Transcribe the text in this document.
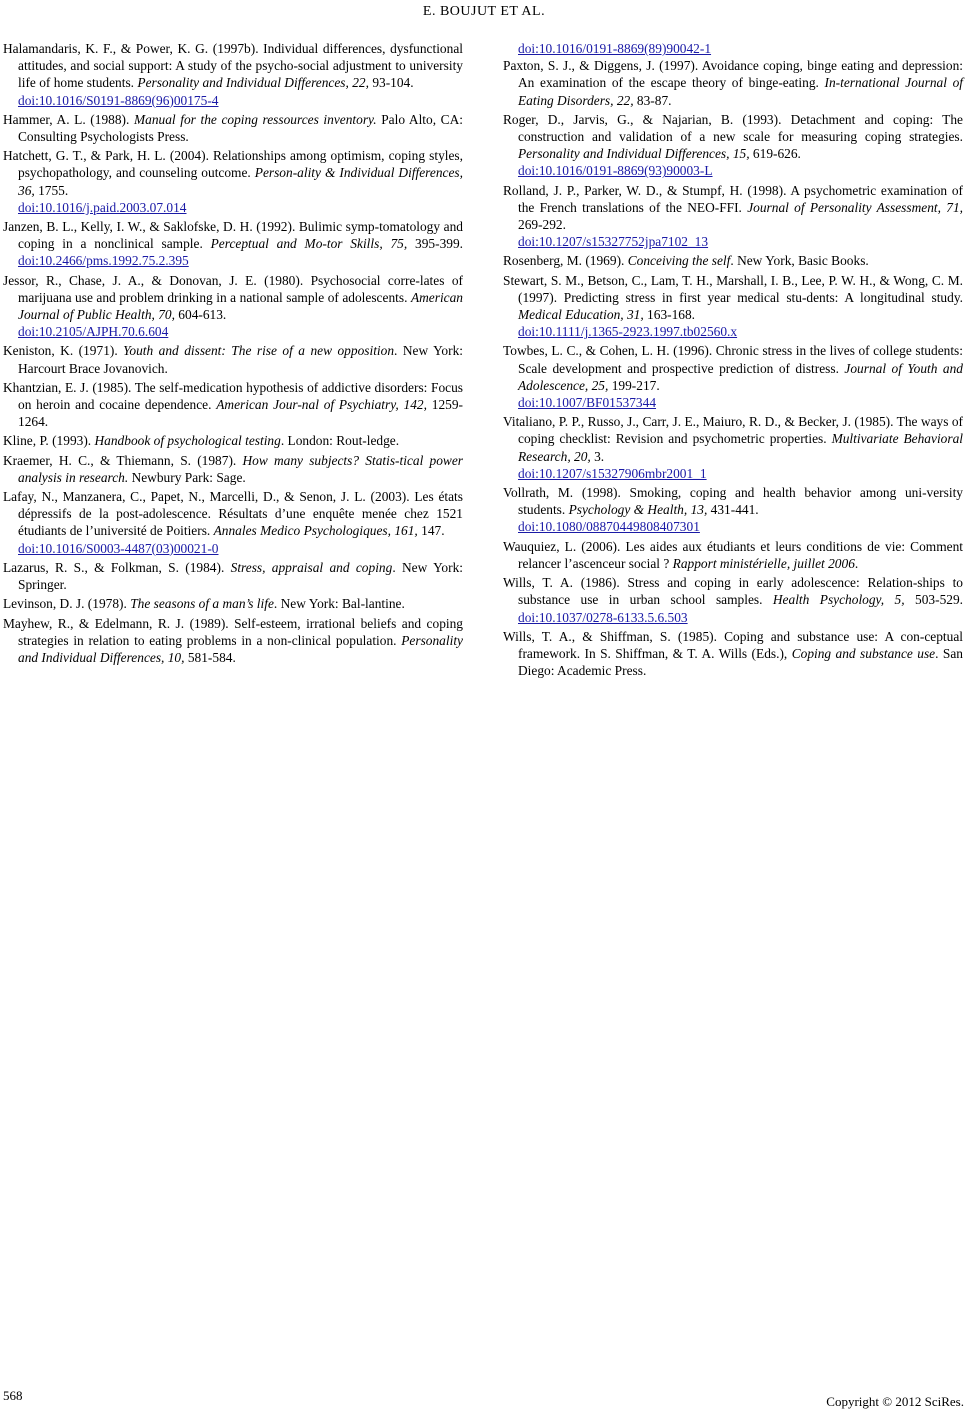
E. BOUJUT ET AL.
Halamandaris, K. F., & Power, K. G. (1997b). Individual differences, dysfunctional attitudes, and social support: A study of the psycho-social adjustment to university life of home students. Personality and Individual Differences, 22, 93-104.
doi:10.1016/S0191-8869(96)00175-4
Hammer, A. L. (1988). Manual for the coping ressources inventory. Palo Alto, CA: Consulting Psychologists Press.
Hatchett, G. T., & Park, H. L. (2004). Relationships among optimism, coping styles, psychopathology, and counseling outcome. Person-ality & Individual Differences, 36, 1755.
doi:10.1016/j.paid.2003.07.014
Janzen, B. L., Kelly, I. W., & Saklofske, D. H. (1992). Bulimic symp-tomatology and coping in a nonclinical sample. Perceptual and Mo-tor Skills, 75, 395-399. doi:10.2466/pms.1992.75.2.395
Jessor, R., Chase, J. A., & Donovan, J. E. (1980). Psychosocial corre-lates of marijuana use and problem drinking in a national sample of adolescents. American Journal of Public Health, 70, 604-613.
doi:10.2105/AJPH.70.6.604
Keniston, K. (1971). Youth and dissent: The rise of a new opposition. New York: Harcourt Brace Jovanovich.
Khantzian, E. J. (1985). The self-medication hypothesis of addictive disorders: Focus on heroin and cocaine dependence. American Jour-nal of Psychiatry, 142, 1259-1264.
Kline, P. (1993). Handbook of psychological testing. London: Rout-ledge.
Kraemer, H. C., & Thiemann, S. (1987). How many subjects? Statis-tical power analysis in research. Newbury Park: Sage.
Lafay, N., Manzanera, C., Papet, N., Marcelli, D., & Senon, J. L. (2003). Les états dépressifs de la post-adolescence. Résultats d’une enquête menée chez 1521 étudiants de l’université de Poitiers. Annales Medico Psychologiques, 161, 147.
doi:10.1016/S0003-4487(03)00021-0
Lazarus, R. S., & Folkman, S. (1984). Stress, appraisal and coping. New York: Springer.
Levinson, D. J. (1978). The seasons of a man’s life. New York: Bal-lantine.
Mayhew, R., & Edelmann, R. J. (1989). Self-esteem, irrational beliefs and coping strategies in relation to eating problems in a non-clinical population. Personality and Individual Differences, 10, 581-584.
doi:10.1016/0191-8869(89)90042-1
Paxton, S. J., & Diggens, J. (1997). Avoidance coping, binge eating and depression: An examination of the escape theory of binge-eating. In-ternational Journal of Eating Disorders, 22, 83-87.
Roger, D., Jarvis, G., & Najarian, B. (1993). Detachment and coping: The construction and validation of a new scale for measuring coping strategies. Personality and Individual Differences, 15, 619-626.
doi:10.1016/0191-8869(93)90003-L
Rolland, J. P., Parker, W. D., & Stumpf, H. (1998). A psychometric examination of the French translations of the NEO-FFI. Journal of Personality Assessment, 71, 269-292.
doi:10.1207/s15327752jpa7102_13
Rosenberg, M. (1969). Conceiving the self. New York, Basic Books.
Stewart, S. M., Betson, C., Lam, T. H., Marshall, I. B., Lee, P. W. H., & Wong, C. M. (1997). Predicting stress in first year medical stu-dents: A longitudinal study. Medical Education, 31, 163-168.
doi:10.1111/j.1365-2923.1997.tb02560.x
Towbes, L. C., & Cohen, L. H. (1996). Chronic stress in the lives of college students: Scale development and prospective prediction of distress. Journal of Youth and Adolescence, 25, 199-217.
doi:10.1007/BF01537344
Vitaliano, P. P., Russo, J., Carr, J. E., Maiuro, R. D., & Becker, J. (1985). The ways of coping checklist: Revision and psychometric properties. Multivariate Behavioral Research, 20, 3.
doi:10.1207/s15327906mbr2001_1
Vollrath, M. (1998). Smoking, coping and health behavior among uni-versity students. Psychology & Health, 13, 431-441.
doi:10.1080/08870449808407301
Wauquiez, L. (2006). Les aides aux étudiants et leurs conditions de vie: Comment relancer l’ascenceur social ? Rapport ministérielle, juillet 2006.
Wills, T. A. (1986). Stress and coping in early adolescence: Relation-ships to substance use in urban school samples. Health Psychology, 5, 503-529. doi:10.1037/0278-6133.5.6.503
Wills, T. A., & Shiffman, S. (1985). Coping and substance use: A con-ceptual framework. In S. Shiffman, & T. A. Wills (Eds.), Coping and substance use. San Diego: Academic Press.
568	Copyright © 2012 SciRes.
